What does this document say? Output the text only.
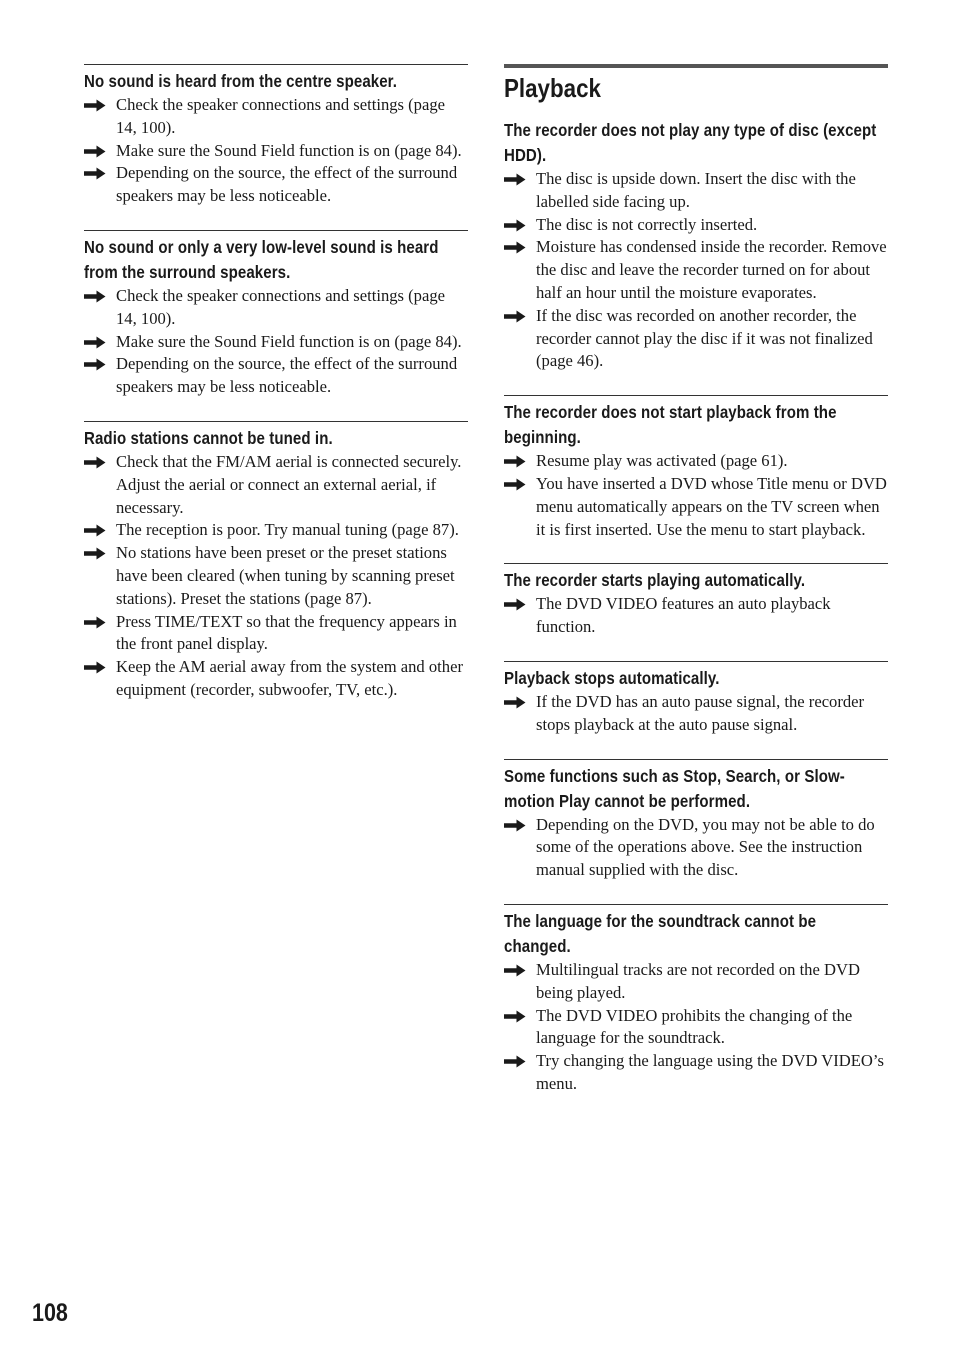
No sound is heard from the centre speaker.
Check the speaker connections and settings (page 14, 100).
Make sure the Sound Field function is on (page 84).
Depending on the source, the effect of the surround speakers may be less noticeable.
No sound or only a very low-level sound is heard from the surround speakers.
Check the speaker connections and settings (page 14, 100).
Make sure the Sound Field function is on (page 84).
Depending on the source, the effect of the surround speakers may be less noticeable.
Radio stations cannot be tuned in.
Check that the FM/AM aerial is connected securely. Adjust the aerial or connect an external aerial, if necessary.
The reception is poor. Try manual tuning (page 87).
No stations have been preset or the preset stations have been cleared (when tuning by scanning preset stations). Preset the stations (page 87).
Press TIME/TEXT so that the frequency appears in the front panel display.
Keep the AM aerial away from the system and other equipment (recorder, subwoofer, TV, etc.).
Playback
The recorder does not play any type of disc (except HDD).
The disc is upside down. Insert the disc with the labelled side facing up.
The disc is not correctly inserted.
Moisture has condensed inside the recorder. Remove the disc and leave the recorder turned on for about half an hour until the moisture evaporates.
If the disc was recorded on another recorder, the recorder cannot play the disc if it was not finalized (page 46).
The recorder does not start playback from the beginning.
Resume play was activated (page 61).
You have inserted a DVD whose Title menu or DVD menu automatically appears on the TV screen when it is first inserted. Use the menu to start playback.
The recorder starts playing automatically.
The DVD VIDEO features an auto playback function.
Playback stops automatically.
If the DVD has an auto pause signal, the recorder stops playback at the auto pause signal.
Some functions such as Stop, Search, or Slow-motion Play cannot be performed.
Depending on the DVD, you may not be able to do some of the operations above. See the instruction manual supplied with the disc.
The language for the soundtrack cannot be changed.
Multilingual tracks are not recorded on the DVD being played.
The DVD VIDEO prohibits the changing of the language for the soundtrack.
Try changing the language using the DVD VIDEO’s menu.
108
